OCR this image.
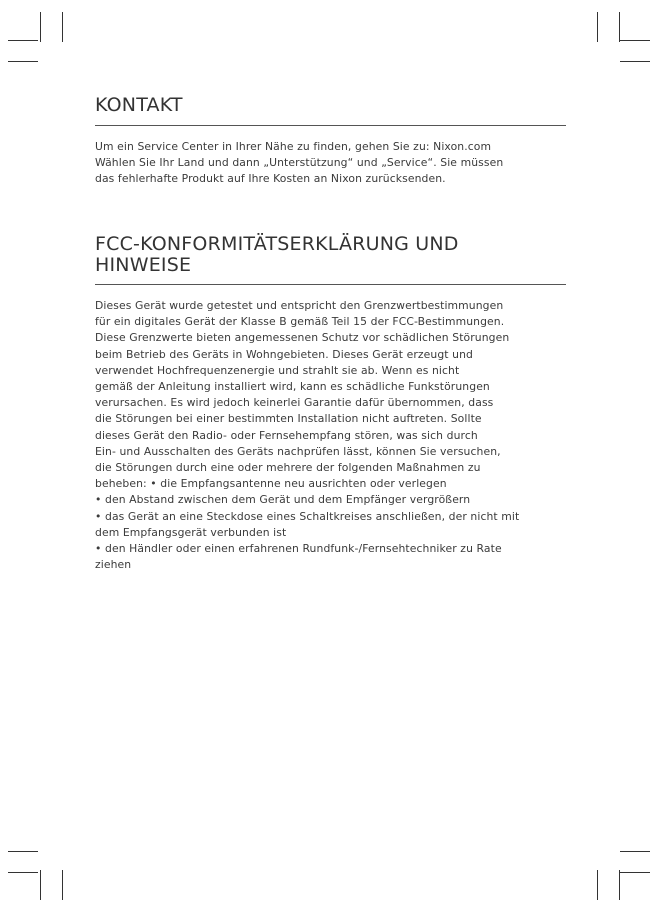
KONTAKT
Um ein Service Center in Ihrer Nähe zu finden, gehen Sie zu: Nixon.com
Wählen Sie Ihr Land und dann „Unterstützung“ und „Service“. Sie müssen
das fehlerhafte Produkt auf Ihre Kosten an Nixon zurücksenden.
FCC-KONFORMITÄTSERKLÄRUNG UND
HINWEISE
Dieses Gerät wurde getestet und entspricht den Grenzwertbestimmungen
für ein digitales Gerät der Klasse B gemäß Teil 15 der FCC-Bestimmungen.
Diese Grenzwerte bieten angemessenen Schutz vor schädlichen Störungen
beim Betrieb des Geräts in Wohngebieten. Dieses Gerät erzeugt und
verwendet Hochfrequenzenergie und strahlt sie ab. Wenn es nicht
gemäß der Anleitung installiert wird, kann es schädliche Funkstörungen
verursachen. Es wird jedoch keinerlei Garantie dafür übernommen, dass
die Störungen bei einer bestimmten Installation nicht auftreten. Sollte
dieses Gerät den Radio- oder Fernsehempfang stören, was sich durch
Ein- und Ausschalten des Geräts nachprüfen lässt, können Sie versuchen,
die Störungen durch eine oder mehrere der folgenden Maßnahmen zu
beheben: • die Empfangsantenne neu ausrichten oder verlegen
• den Abstand zwischen dem Gerät und dem Empfänger vergrößern
• das Gerät an eine Steckdose eines Schaltkreises anschließen, der nicht mit
dem Empfangsgerät verbunden ist
• den Händler oder einen erfahrenen Rundfunk-/Fernsehtechniker zu Rate
ziehen
